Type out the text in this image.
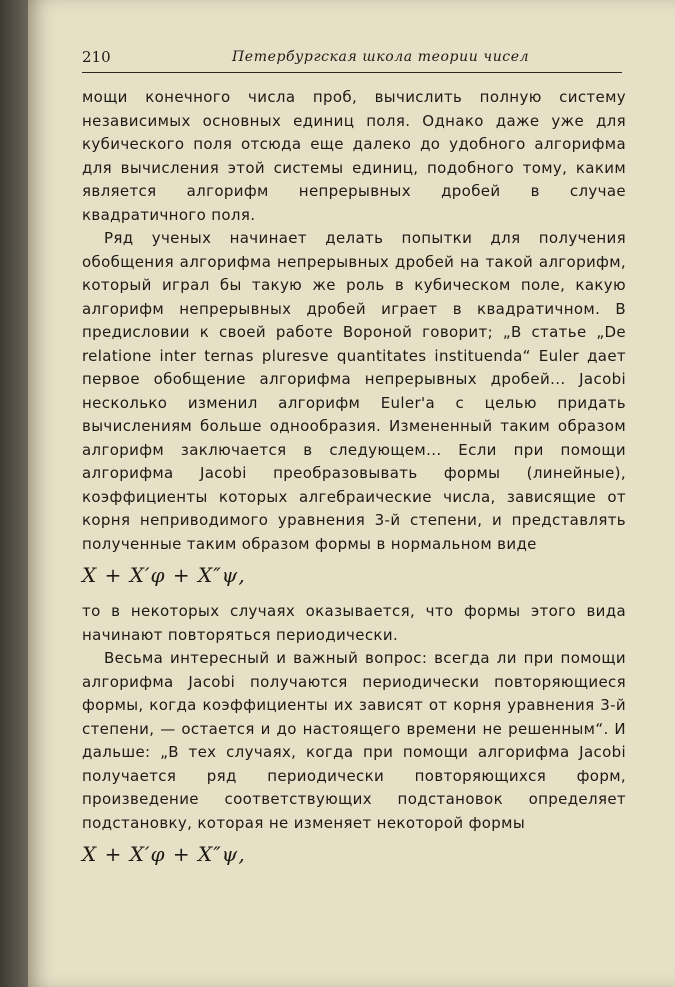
210	Петербургская школа теории чисел

мощи конечного числа проб, вычислить полную систему независимых основных единиц поля. Однако даже уже для кубического поля отсюда еще далеко до удобного алгорифма для вычисления этой системы единиц, подобного тому, каким является алгорифм непрерывных дробей в случае квадратичного поля.

Ряд ученых начинает делать попытки для получения обобщения алгорифма непрерывных дробей на такой алгорифм, который играл бы такую же роль в кубическом поле, какую алгорифм непрерывных дробей играет в квадратичном. В предисловии к своей работе Вороной говорит; „В статье „De relatione inter ternas pluresve quantitates instituenda“ Euler дает первое обобщение алгорифма непрерывных дробей... Jacobi несколько изменил алгорифм Euler'а с целью придать вычислениям больше однообразия. Измененный таким образом алгорифм заключается в следующем... Если при помощи алгорифма Jacobi преобразовывать формы (линейные), коэффициенты которых алгебраические числа, зависящие от корня неприводимого уравнения 3-й степени, и представлять полученные таким образом формы в нормальном виде

X + X′φ + X″ψ,

то в некоторых случаях оказывается, что формы этого вида начинают повторяться периодически.

Весьма интересный и важный вопрос: всегда ли при помощи алгорифма Jacobi получаются периодически повторяющиеся формы, когда коэффициенты их зависят от корня уравнения 3-й степени, — остается и до настоящего времени не решенным“. И дальше: „В тех случаях, когда при помощи алгорифма Jacobi получается ряд периодически повторяющихся форм, произведение соответствующих подстановок определяет подстановку, которая не изменяет некоторой формы

X + X′φ + X″ψ,
